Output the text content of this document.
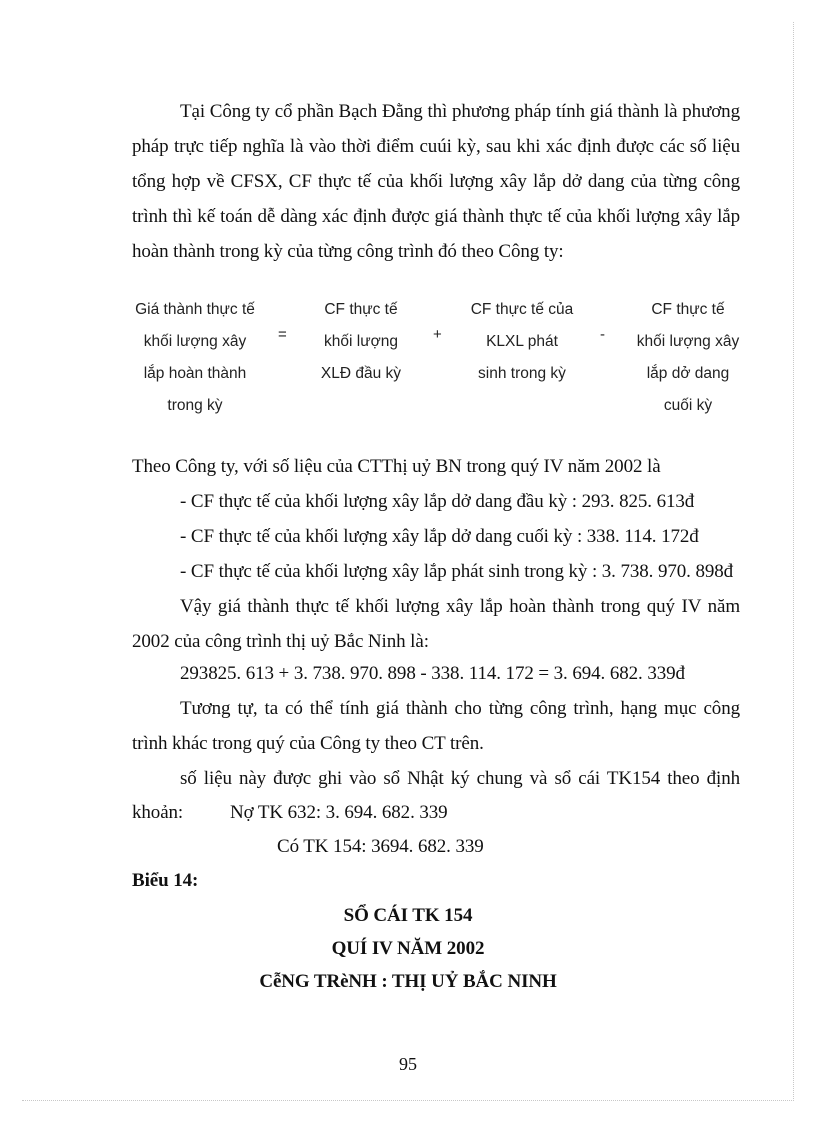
Tại Công ty cổ phần Bạch Đằng thì phương pháp tính giá thành là phương
pháp trực tiếp nghĩa là vào thời điểm cuúi kỳ, sau khi xác định được các số liệu
tổng hợp về CFSX, CF thực tế của khối lượng xây lắp dở dang của từng công
trình thì kế toán dễ dàng xác định được giá thành thực tế của khối lượng xây lắp
hoàn thành trong kỳ của từng công trình đó theo Công ty:
Giá thành thực tế
khối lượng xây
lắp hoàn thành
trong kỳ
=
CF thực tế
khối lượng
XLĐ đầu kỳ
+
CF thực tế của
KLXL phát
sinh trong kỳ
-
CF thực tế
khối lượng xây
lắp dở dang
cuối kỳ
Theo Công ty, với số liệu của CTThị uỷ BN trong quý IV năm 2002 là
- CF thực tế của khối lượng xây lắp dở dang đầu kỳ : 293. 825. 613đ
- CF thực tế của khối lượng xây lắp dở dang cuối kỳ : 338. 114. 172đ
- CF thực tế của khối lượng xây lắp phát sinh trong kỳ : 3. 738. 970. 898đ
Vậy giá thành thực tế khối lượng xây lắp hoàn thành trong quý IV năm
2002 của công trình thị uỷ Bắc Ninh là:
293825. 613 + 3. 738. 970. 898 - 338. 114. 172 = 3. 694. 682. 339đ
Tương tự, ta có thể tính giá thành cho từng công trình, hạng mục công
trình khác trong quý của Công ty theo CT trên.
số liệu này được ghi vào sổ Nhật ký chung và sổ cái TK154 theo định
khoản: Nợ TK 632: 3. 694. 682. 339
Có TK 154: 3694. 682. 339
Biểu 14:
SỔ CÁI TK 154
QUÍ IV NĂM 2002
CễNG TRèNH : THỊ UỶ BẮC NINH
95
